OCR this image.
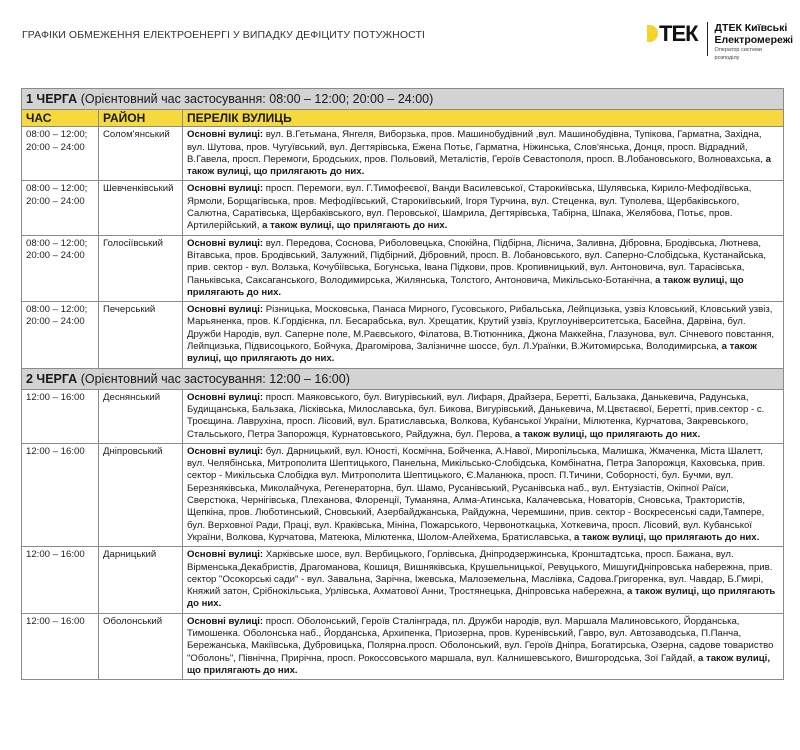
ГРАФІКИ ОБМЕЖЕННЯ ЕЛЕКТРОЕНЕРГІ У ВИПАДКУ ДЕФІЦИТУ ПОТУЖНОСТІ	ТЕК ДТЕК Київські
Електромережі
Оператор системи
розподілу
1 ЧЕРГА (Орієнтовний час застосування: 08:00 – 12:00; 20:00 – 24:00)		
ЧАС	РАЙОН	ПЕРЕЛІК ВУЛИЦЬ
08:00 – 12:00; 20:00 – 24:00	Солом'янський	Основні вулиці: вул. В.Гетьмана, Янгеля, Виборзька, пров. Машинобудівний ,вул. Машинобудівна, Тупікова, Гарматна, Західна, вул. Шутова, пров. Чугуївський, вул. Дегтярівська, Ежена Потьє, Гарматна, Ніжинська, Слов'янська, Донця, просп. Відрадний, В.Гавела, просп. Перемоги, Бродських, пров. Польовий, Металістів, Героїв Севастополя, просп. В.Лобановського, Волновахська, а також вулиці, що прилягають до них.
08:00 – 12:00; 20:00 – 24:00	Шевченківський	Основні вулиці: просп. Перемоги, вул. Г.Тимофеєвої, Ванди Василевської, Старокиївська, Шулявська, Кирило-Мефодіївська, Ярмоли, Борщагівська, пров. Мефодіївський, Старокиївський, Ігоря Турчина, вул. Стеценка, вул. Туполева, Щербаківського, Салютна, Саратівська, Щербаківського, вул. Перовської, Шамрила, Дегтярівська, Табірна, Шпака, Желябова, Потьє, пров. Артилерійський, а також вулиці, що прилягають до них.
08:00 – 12:00; 20:00 – 24:00	Голосіївський	Основні вулиці: вул. Передова, Соснова, Риболовецька, Спокійна, Підбірна, Ліснича, Заливна, Дібровна, Бродівська, Лютнева, Вітавська, пров. Бродівський, Залужний, Підбірний, Дібровний, просп. В. Лобановського, вул. Саперно-Слобідська, Кустанайська, прив. сектор - вул. Волзька, Кочубіївська, Богунська, Івана Підкови, пров. Кропивницький, вул. Антоновича, вул. Тарасівська, Паньківська, Саксаганського, Володимирська, Жилянська, Толстого, Антоновича, Микільсько-Ботанічна, а також вулиці, що прилягають до них.
08:00 – 12:00; 20:00 – 24:00	Печерський	Основні вулиці: Різницька, Московська, Панаса Мирного, Гусовського, Рибальська, Лейпцизька, узвіз Кловський, Кловський узвіз, Марьяненка, пров. К.Гордієнка, пл. Бесарабська, вул. Хрещатик, Крутий узвіз, Круглоуніверситетська, Басейна, Дарвіна, бул. Дружби Народів, вул. Саперне поле, М.Раєвського, Філатова, В.Тютюнника, Джона Маккейна, Глазунова, вул. Січневого повстання, Лейпцизька, Підвисоцького, Бойчука, Драгомірова, Залізничне шоссе, бул. Л.Ураїнки, В.Житомирська, Володимирська, а також вулиці, що прилягають до них.
2 ЧЕРГА (Орієнтовний час застосування: 12:00 – 16:00)		
12:00 – 16:00	Деснянський	Основні вулиці: просп. Маяковського, бул. Вигурівський, вул. Лифаря, Драйзера, Беретті, Бальзака, Данькевича, Радунська, Будищанська, Бальзака, Лісківська, Милославська, бул. Бикова, Вигурівський, Данькевича, М.Цвєтаєвої, Беретті, прив.сектор - с. Троєщина. Лаврухіна, просп. Лісовий, вул. Братиславська, Волкова, Кубанської України, Мілютенка, Курчатова, Закревського, Стальського, Петра Запорожця, Курнатовського, Райдужна, бул. Перова, а також вулиці, що прилягають до них.
12:00 – 16:00	Дніпровський	Основні вулиці: бул. Дарницький, вул. Юності, Космічна, Бойченка, А.Навої, Миропільська, Малишка, Жмаченка, Міста Шалетт, вул. Челябінська, Митрополита Шептицького, Панельна, Микільсько-Слобідська, Комбінатна, Петра Запорожця, Каховська, прив. сектор - Микільська Слобідка вул. Митрополита Шептицького, Є.Маланюка, просп. П.Тичини, Соборності, бул. Бучми, вул. Березняківська, Миколайчука, Регенераторна, бул. Шамо, Русанівський, Русанівська наб., вул. Ентузіастів, Окіпної Раїси, Сверстюка, Чернігівська, Плеханова, Флоренції, Туманяна, Алма-Атинська, Калачевська, Новаторів, Сновська, Трактористів, Щепкіна, пров. Люботинський, Сновський, Азербайджанська, Райдужна, Черемшини, прив. сектор - Воскресенські сади,Тампере, бул. Верховної Ради, Праці, вул. Краківська, Мініна, Пожарського, Червоноткацька, Хоткевича, просп. Лісовий, вул. Кубанської України, Волкова, Курчатова, Матеюка, Мілютенка, Шолом-Алейхема, Братиславська, а також вулиці, що прилягають до них.
12:00 – 16:00	Дарницький	Основні вулиці: Харківське шосе, вул. Вербицького, Горлівська, Дніпродзержинська, Кронштадтська, просп. Бажана, вул. Вірменська,Декабристів, Драгоманова, Кошиця, Вишняківська, Крушельницької, Ревуцького, МишугиДніпровська набережна, прив. сектор "Осокорські сади" - вул. Завальна, Зарічна, Іжевська, Малоземельна, Маслівка, Садова.Григоренка, вул. Чавдар, Б.Гмирі, Княжий затон, Срібнокільська, Урлівська, Ахматової Анни, Тростянецька, Дніпровська набережна, а також вулиці, що прилягають до них.
12:00 – 16:00	Оболонський	Основні вулиці: просп. Оболонський, Героїв Сталінграда, пл. Дружби народів, вул. Маршала Малиновського, Йорданська, Тимошенка. Оболонська наб., Йорданська, Архипенка, Приозерна, пров. Куренівський, Гавро, вул. Автозаводська, П.Панча, Бережанська, Макіївська, Дубровицька, Полярна.просп. Оболонський, вул. Героїв Дніпра, Богатирська, Озерна, садове товариство "Оболонь", Північна, Прирічна, просп. Рокоссовського маршала, вул. Калнишевського, Вишгородська, Зої Гайдай, а також вулиці, що прилягають до них.
